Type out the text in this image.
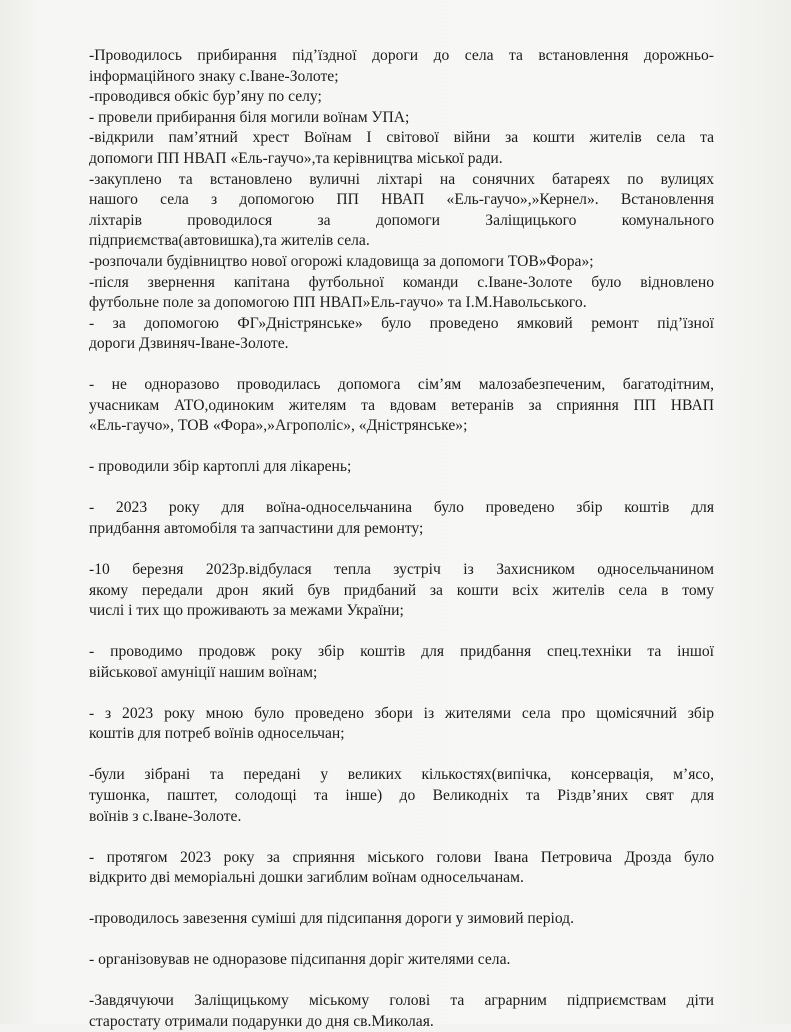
-Проводилось прибирання під’їздної дороги до села та встановлення дорожньо-
інформаційного знаку с.Іване-Золоте;

-проводився обкіс бур’яну по селу;

- провели прибирання біля могили воїнам УПА;

-відкрили пам’ятний хрест Воїнам І світової війни за кошти жителів села та
допомоги ПП НВАП «Ель-гаучо»,та керівництва міської ради.

-закуплено та встановлено вуличні ліхтарі на сонячних батареях по вулицях
нашого села з допомогою ПП НВАП «Ель-гаучо»,»Кернел». Встановлення
ліхтарів проводилося за допомоги Заліщицького комунального
підприємства(автовишка),та жителів села.

-розпочали будівництво нової огорожі кладовища за допомоги ТОВ»Фора»;

-після звернення капітана футбольної команди с.Іване-Золоте було відновлено
футбольне поле за допомогою ПП НВАП»Ель-гаучо» та І.М.Навольського.

- за допомогою ФГ»Дністрянське» було проведено ямковий ремонт під’їзної
дороги Дзвиняч-Іване-Золоте.

- не одноразово проводилась допомога сім’ям малозабезпеченим, багатодітним,
учасникам АТО,одиноким жителям та вдовам ветеранів за сприяння ПП НВАП
«Ель-гаучо», ТОВ «Фора»,»Агрополіс», «Дністрянське»;

- проводили збір картоплі для лікарень;

- 2023 року для воїна-односельчанина було проведено збір коштів для
придбання автомобіля та запчастини для ремонту;

-10 березня 2023р.відбулася тепла зустріч із Захисником односельчанином
якому передали дрон який був придбаний за кошти всіх жителів села в тому
числі і тих що проживають за межами України;

- проводимо продовж року збір коштів для придбання спец.техніки та іншої
військової амуніції нашим воїнам;

- з 2023 року мною було проведено збори із жителями села про щомісячний збір
коштів для потреб воїнів односельчан;

-були зібрані та передані у великих кількостях(випічка, консервація, м’ясо,
тушонка, паштет, солодощі та інше) до Великодніх та Різдв’яних свят для
воїнів з с.Іване-Золоте.

- протягом 2023 року за сприяння міського голови Івана Петровича Дрозда було
відкрито дві меморіальні дошки загиблим воїнам односельчанам.

-проводилось завезення суміші для підсипання дороги у зимовий період.

- організовував не одноразове підсипання доріг жителями села.

-Завдячуючи Заліщицькому міському голові та аграрним підприємствам діти
старостату отримали подарунки до дня св.Миколая.
